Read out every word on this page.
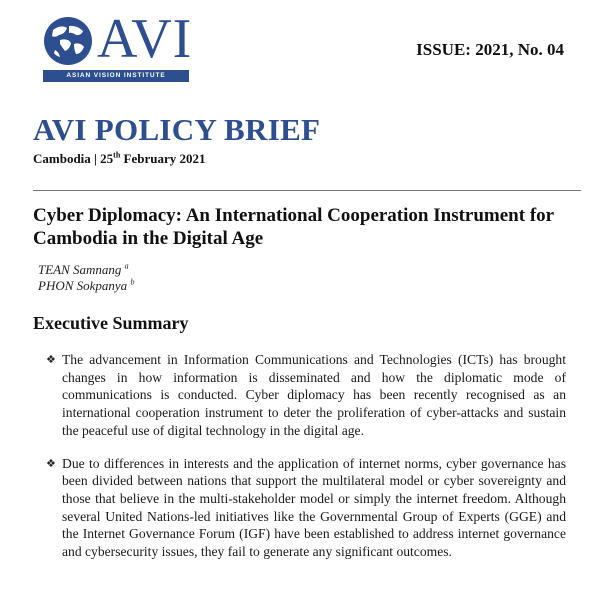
AVI
ASIAN VISION INSTITUTE
ISSUE: 2021, No. 04
AVI POLICY BRIEF
Cambodia | 25th February 2021
Cyber Diplomacy: An International Cooperation Instrument for Cambodia in the Digital Age
TEAN Samnang $^a$
PHON Sokpanya $^b$
Executive Summary
❖ The advancement in Information Communications and Technologies (ICTs) has brought changes in how information is disseminated and how the diplomatic mode of communications is conducted. Cyber diplomacy has been recently recognised as an international cooperation instrument to deter the proliferation of cyber-attacks and sustain the peaceful use of digital technology in the digital age.
❖ Due to differences in interests and the application of internet norms, cyber governance has been divided between nations that support the multilateral model or cyber sovereignty and those that believe in the multi-stakeholder model or simply the internet freedom. Although several United Nations-led initiatives like the Governmental Group of Experts (GGE) and the Internet Governance Forum (IGF) have been established to address internet governance and cybersecurity issues, they fail to generate any significant outcomes.
